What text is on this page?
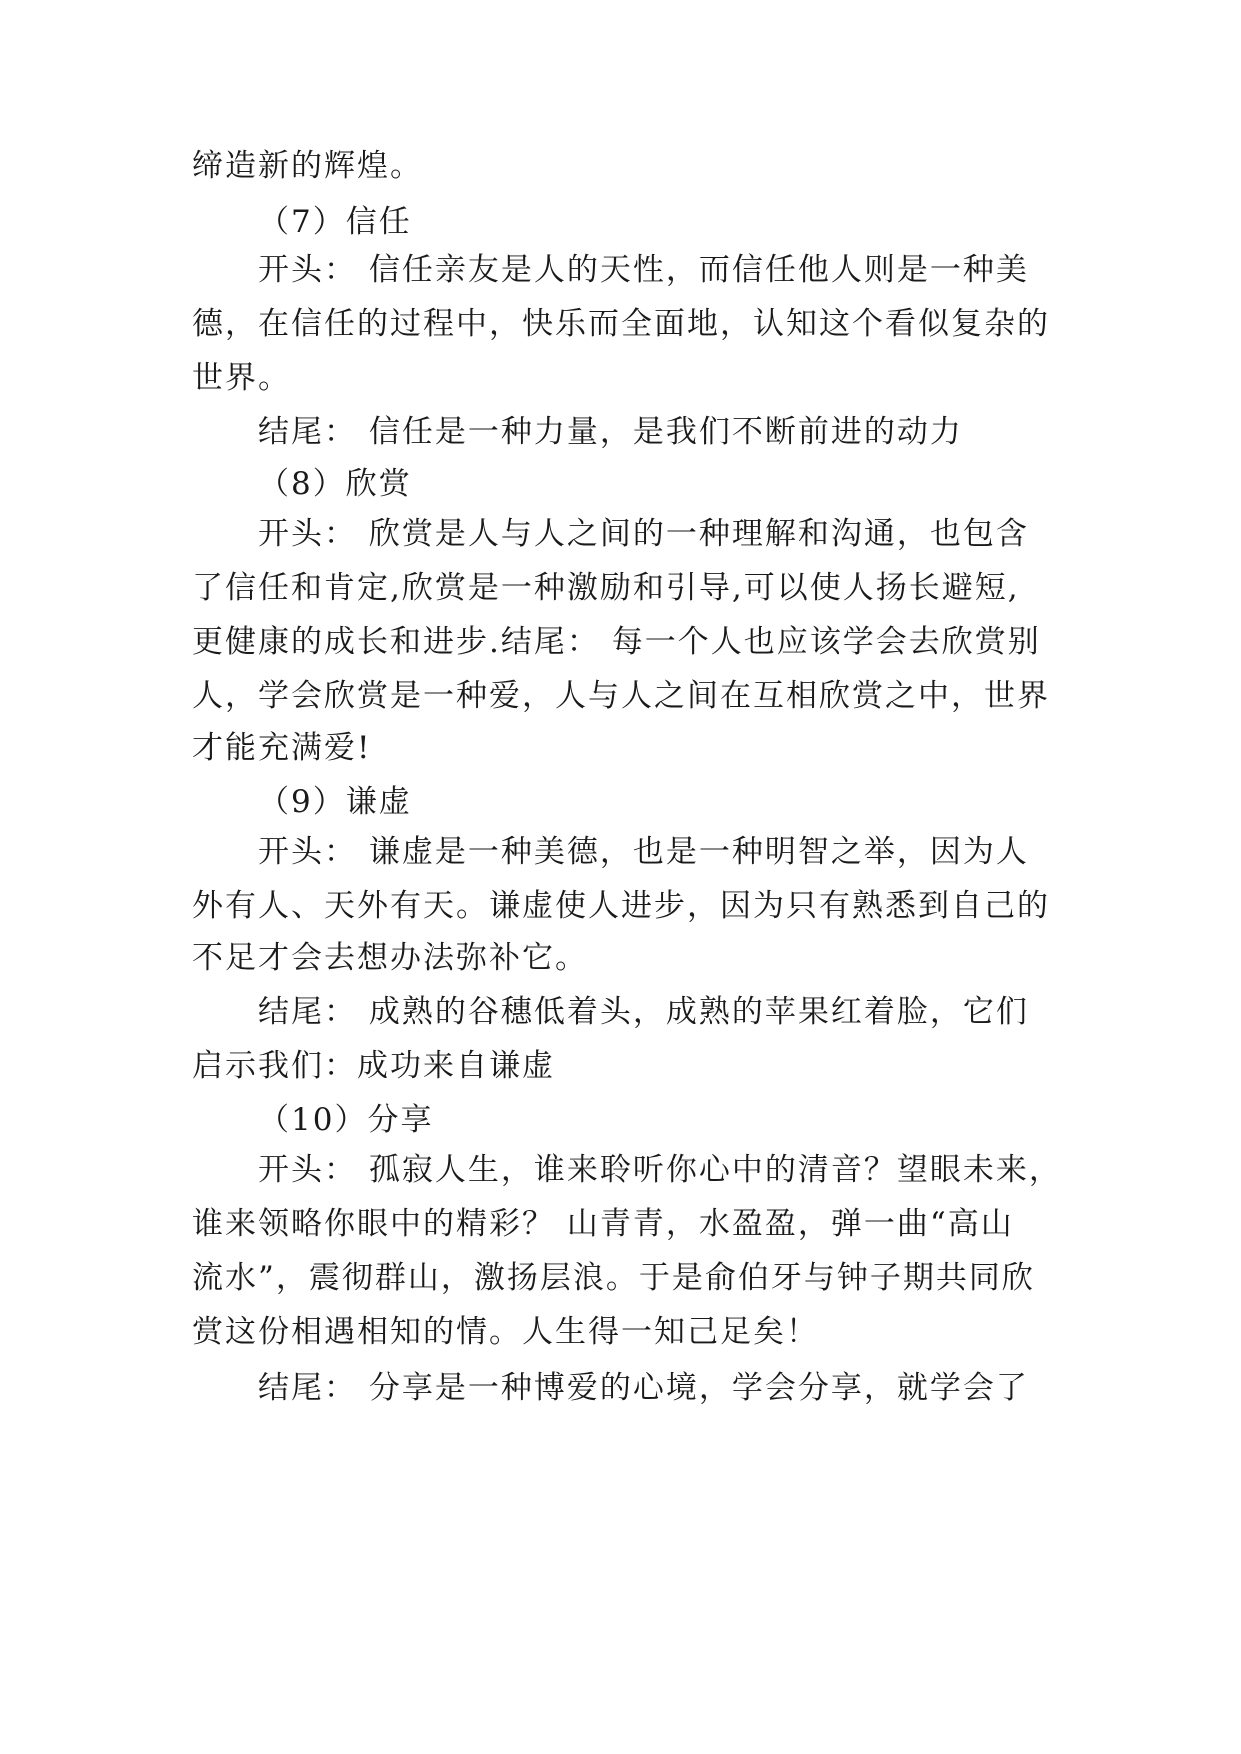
缔造新的辉煌。
（7）信任
开头： 信任亲友是人的天性，而信任他人则是一种美
德，在信任的过程中，快乐而全面地，认知这个看似复杂的
世界。
结尾： 信任是一种力量，是我们不断前进的动力
（8）欣赏
开头： 欣赏是人与人之间的一种理解和沟通，也包含
了信任和肯定,欣赏是一种激励和引导,可以使人扬长避短,
更健康的成长和进步.结尾： 每一个人也应该学会去欣赏别
人，学会欣赏是一种爱，人与人之间在互相欣赏之中，世界
才能充满爱!
（9）谦虚
开头： 谦虚是一种美德，也是一种明智之举，因为人
外有人、天外有天。谦虚使人进步，因为只有熟悉到自己的
不足才会去想办法弥补它。
结尾： 成熟的谷穗低着头，成熟的苹果红着脸，它们
启示我们：成功来自谦虚
（10）分享
开头： 孤寂人生，谁来聆听你心中的清音？望眼未来，
谁来领略你眼中的精彩？ 山青青，水盈盈，弹一曲“高山
流水”，震彻群山，激扬层浪。于是俞伯牙与钟子期共同欣
赏这份相遇相知的情。人生得一知己足矣！
结尾： 分享是一种博爱的心境，学会分享，就学会了
